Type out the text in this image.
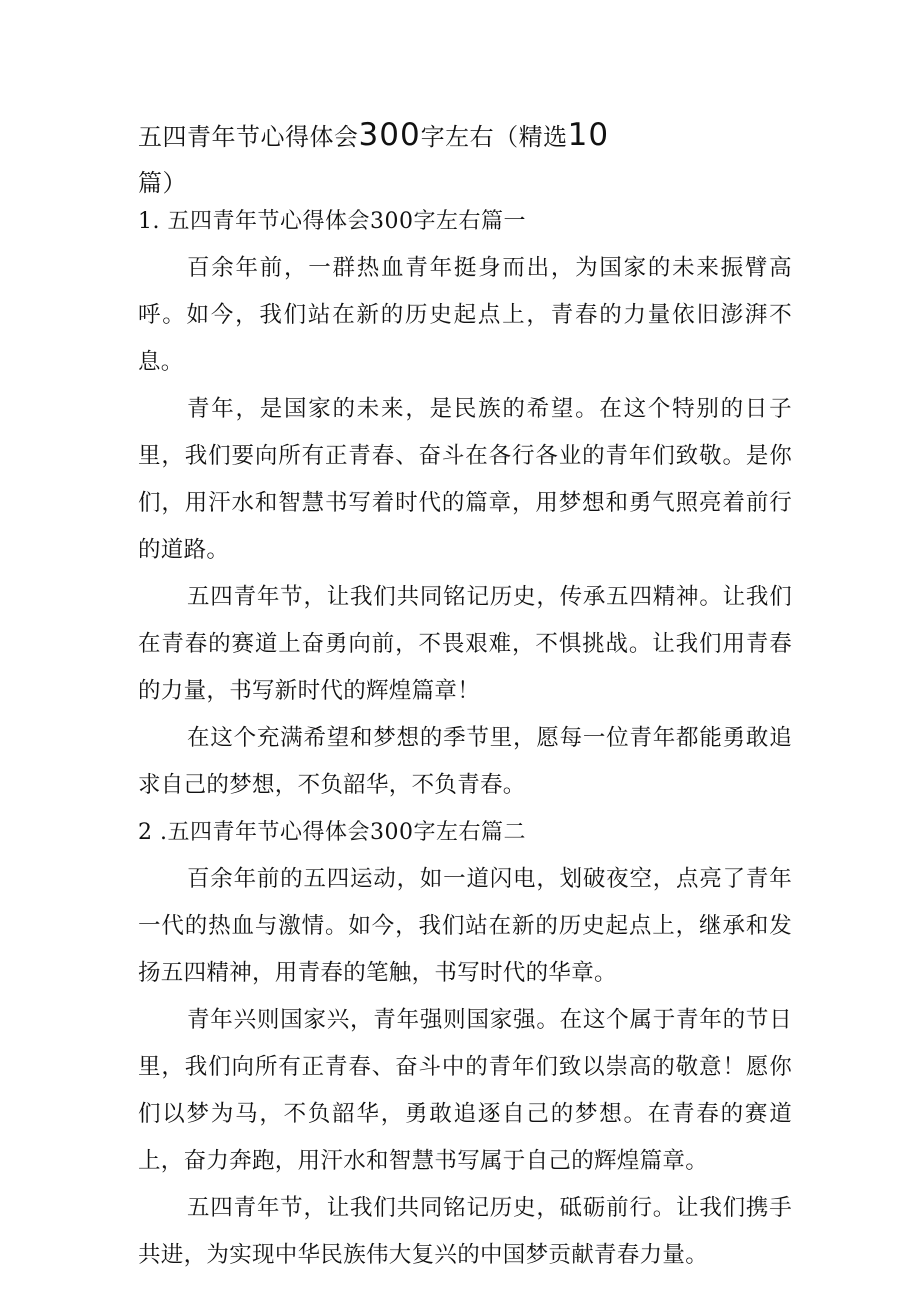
五四青年节心得体会300字左右（精选10
篇）
1. 五四青年节心得体会300字左右篇一

百余年前，一群热血青年挺身而出，为国家的未来振臂高呼。如今，我们站在新的历史起点上，青春的力量依旧澎湃不息。

青年，是国家的未来，是民族的希望。在这个特别的日子里，我们要向所有正青春、奋斗在各行各业的青年们致敬。是你们，用汗水和智慧书写着时代的篇章，用梦想和勇气照亮着前行的道路。

五四青年节，让我们共同铭记历史，传承五四精神。让我们在青春的赛道上奋勇向前，不畏艰难，不惧挑战。让我们用青春的力量，书写新时代的辉煌篇章！

在这个充满希望和梦想的季节里，愿每一位青年都能勇敢追求自己的梦想，不负韶华，不负青春。

2 .五四青年节心得体会300字左右篇二

百余年前的五四运动，如一道闪电，划破夜空，点亮了青年一代的热血与激情。如今，我们站在新的历史起点上，继承和发扬五四精神，用青春的笔触，书写时代的华章。

青年兴则国家兴，青年强则国家强。在这个属于青年的节日里，我们向所有正青春、奋斗中的青年们致以崇高的敬意！愿你们以梦为马，不负韶华，勇敢追逐自己的梦想。在青春的赛道上，奋力奔跑，用汗水和智慧书写属于自己的辉煌篇章。

五四青年节，让我们共同铭记历史，砥砺前行。让我们携手共进，为实现中华民族伟大复兴的中国梦贡献青春力量。
